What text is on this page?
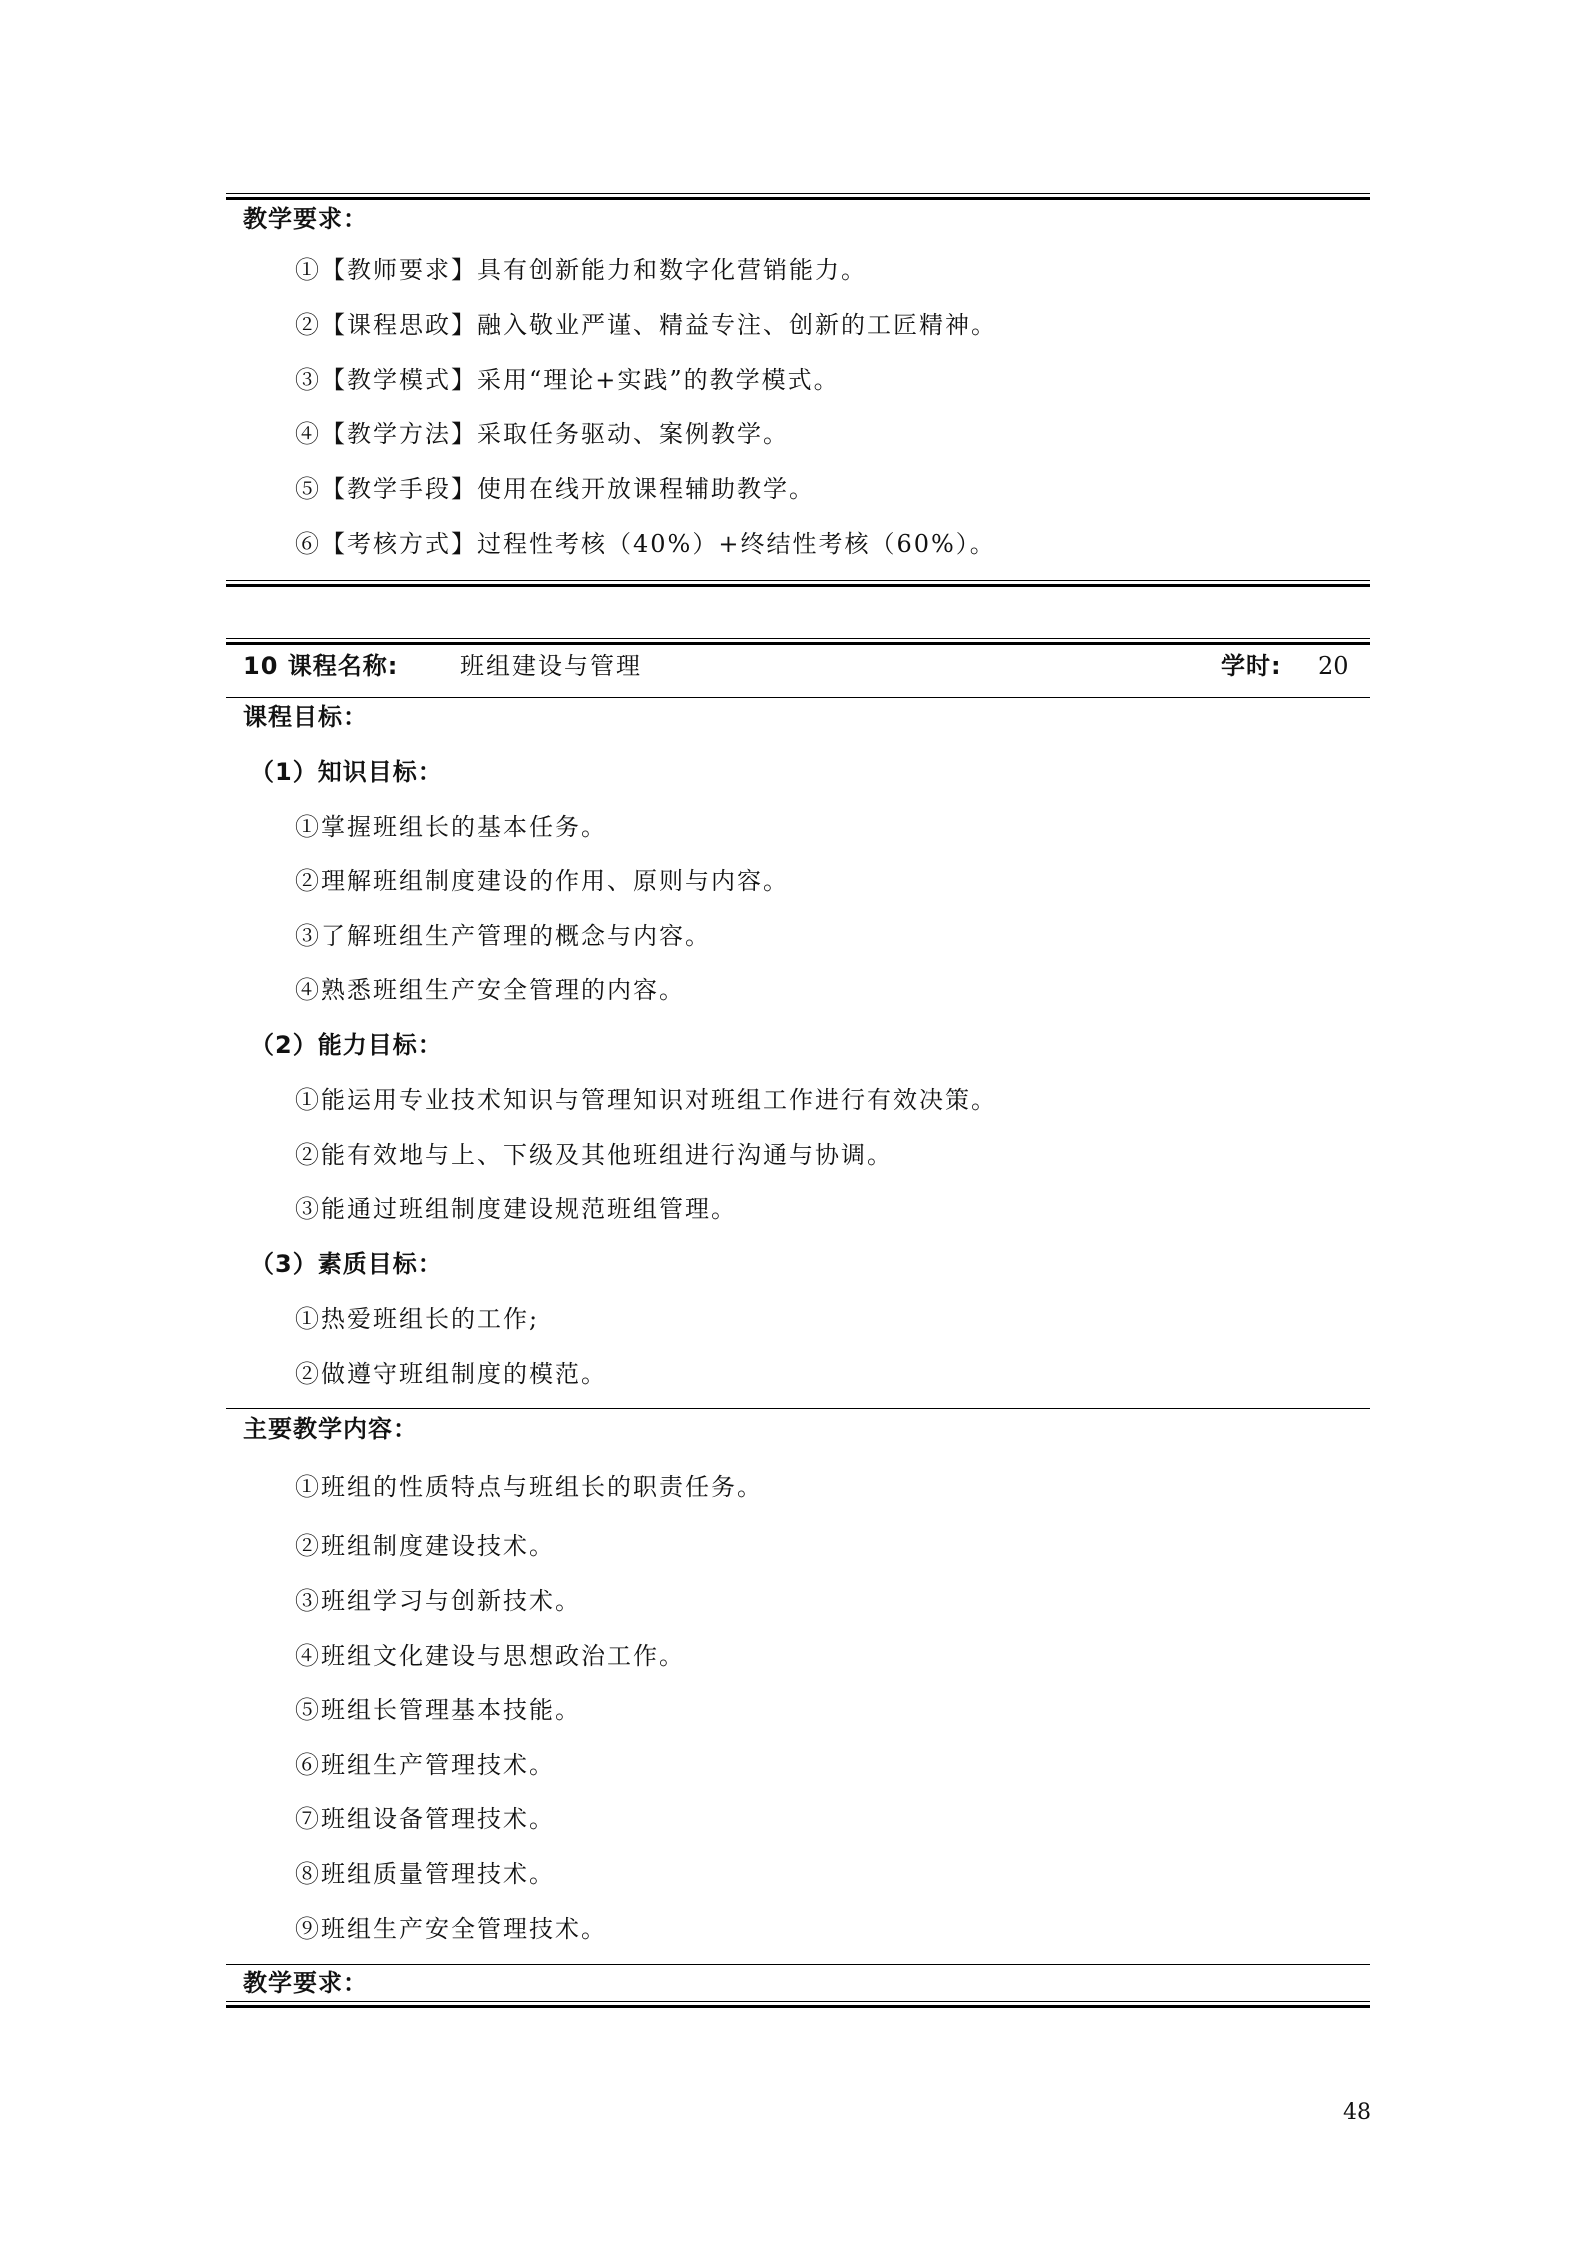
教学要求：
①【教师要求】具有创新能力和数字化营销能力。
②【课程思政】融入敬业严谨、精益专注、创新的工匠精神。
③【教学模式】采用“理论+实践”的教学模式。
④【教学方法】采取任务驱动、案例教学。
⑤【教学手段】使用在线开放课程辅助教学。
⑥【考核方式】过程性考核（40%）+终结性考核（60%）。
10 课程名称:	班组建设与管理	学时: 20
课程目标：
（1）知识目标：
①掌握班组长的基本任务。
②理解班组制度建设的作用、原则与内容。
③了解班组生产管理的概念与内容。
④熟悉班组生产安全管理的内容。
（2）能力目标：
①能运用专业技术知识与管理知识对班组工作进行有效决策。
②能有效地与上、下级及其他班组进行沟通与协调。
③能通过班组制度建设规范班组管理。
（3）素质目标：
①热爱班组长的工作;
②做遵守班组制度的模范。
主要教学内容：
①班组的性质特点与班组长的职责任务。
②班组制度建设技术。
③班组学习与创新技术。
④班组文化建设与思想政治工作。
⑤班组长管理基本技能。
⑥班组生产管理技术。
⑦班组设备管理技术。
⑧班组质量管理技术。
⑨班组生产安全管理技术。
教学要求：
48
